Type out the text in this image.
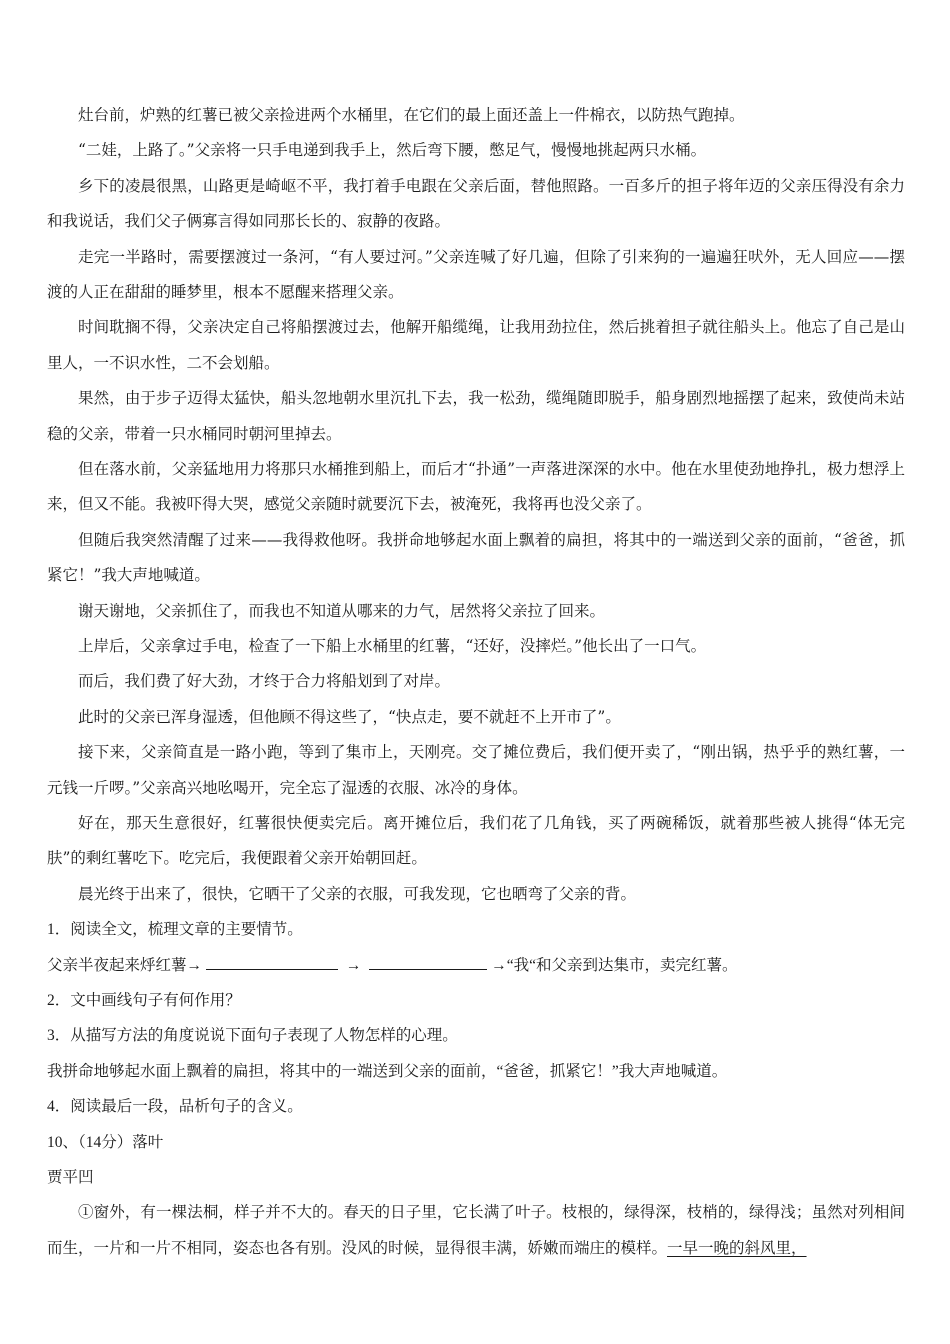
灶台前，炉熟的红薯已被父亲捡进两个水桶里，在它们的最上面还盖上一件棉衣，以防热气跑掉。

“二娃，上路了。”父亲将一只手电递到我手上，然后弯下腰，憋足气，慢慢地挑起两只水桶。

乡下的凌晨很黑，山路更是崎岖不平，我打着手电跟在父亲后面，替他照路。一百多斤的担子将年迈的父亲压得没有余力和我说话，我们父子俩寡言得如同那长长的、寂静的夜路。

走完一半路时，需要摆渡过一条河，“有人要过河。”父亲连喊了好几遍，但除了引来狗的一遍遍狂吠外，无人回应——摆渡的人正在甜甜的睡梦里，根本不愿醒来搭理父亲。

时间耽搁不得，父亲决定自己将船摆渡过去，他解开船缆绳，让我用劲拉住，然后挑着担子就往船头上。他忘了自己是山里人，一不识水性，二不会划船。

果然，由于步子迈得太猛快，船头忽地朝水里沉扎下去，我一松劲，缆绳随即脱手，船身剧烈地摇摆了起来，致使尚未站稳的父亲，带着一只水桶同时朝河里掉去。

但在落水前，父亲猛地用力将那只水桶推到船上，而后才“扑通”一声落进深深的水中。他在水里使劲地挣扎，极力想浮上来，但又不能。我被吓得大哭，感觉父亲随时就要沉下去，被淹死，我将再也没父亲了。

但随后我突然清醒了过来——我得救他呀。我拼命地够起水面上飘着的扁担，将其中的一端送到父亲的面前，“爸爸，抓紧它！”我大声地喊道。

谢天谢地，父亲抓住了，而我也不知道从哪来的力气，居然将父亲拉了回来。

上岸后，父亲拿过手电，检查了一下船上水桶里的红薯，“还好，没摔烂。”他长出了一口气。

而后，我们费了好大劲，才终于合力将船划到了对岸。

此时的父亲已浑身湿透，但他顾不得这些了，“快点走，要不就赶不上开市了”。

接下来，父亲简直是一路小跑，等到了集市上，天刚亮。交了摊位费后，我们便开卖了，“刚出锅，热乎乎的熟红薯，一元钱一斤啰。”父亲高兴地吆喝开，完全忘了湿透的衣服、冰冷的身体。

好在，那天生意很好，红薯很快便卖完后。离开摊位后，我们花了几角钱，买了两碗稀饭，就着那些被人挑得“体无完肤”的剩红薯吃下。吃完后，我便跟着父亲开始朝回赶。

晨光终于出来了，很快，它晒干了父亲的衣服，可我发现，它也晒弯了父亲的背。

1．阅读全文，梳理文章的主要情节。

父亲半夜起来烀红薯→	→	→“我“和父亲到达集市，卖完红薯。

2．文中画线句子有何作用？

3．从描写方法的角度说说下面句子表现了人物怎样的心理。

我拼命地够起水面上飘着的扁担，将其中的一端送到父亲的面前，“爸爸，抓紧它！”我大声地喊道。

4．阅读最后一段，品析句子的含义。

10、（14分）落叶

贾平凹

①窗外，有一棵法桐，样子并不大的。春天的日子里，它长满了叶子。枝根的，绿得深，枝梢的，绿得浅；虽然对列相间而生，一片和一片不相同，姿态也各有别。没风的时候，显得很丰满，娇嫩而端庄的模样。一早一晚的斜风里，
